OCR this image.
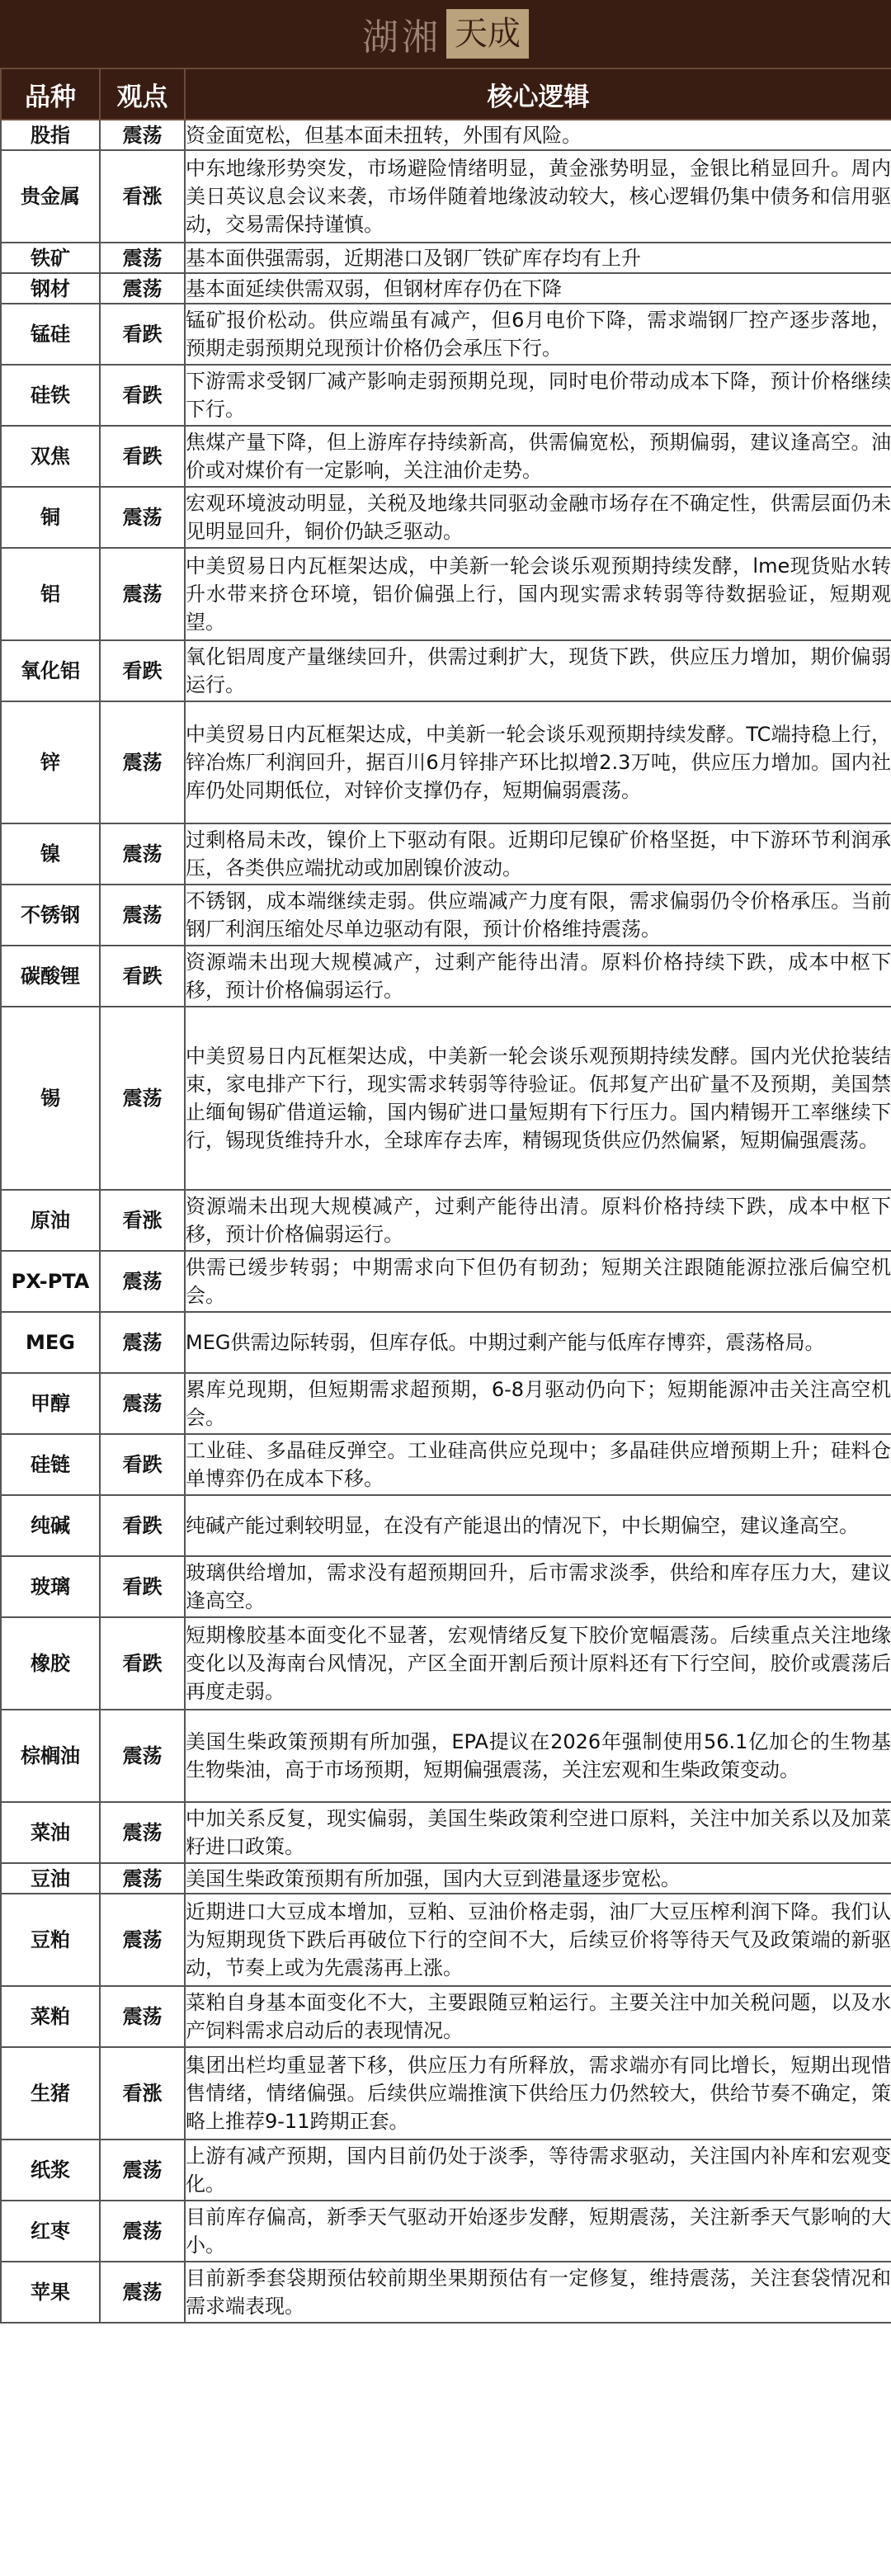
湖湘 天成
品种	观点	核心逻辑
股指	震荡	资金面宽松，但基本面未扭转，外围有风险。
贵金属	看涨	中东地缘形势突发，市场避险情绪明显，黄金涨势明显，金银比稍显回升。周内美日英议息会议来袭，市场伴随着地缘波动较大，核心逻辑仍集中债务和信用驱动，交易需保持谨慎。
铁矿	震荡	基本面供强需弱，近期港口及钢厂铁矿库存均有上升
钢材	震荡	基本面延续供需双弱，但钢材库存仍在下降
锰硅	看跌	锰矿报价松动。供应端虽有减产，但6月电价下降，需求端钢厂控产逐步落地，预期走弱预期兑现预计价格仍会承压下行。
硅铁	看跌	下游需求受钢厂减产影响走弱预期兑现，同时电价带动成本下降，预计价格继续下行。
双焦	看跌	焦煤产量下降，但上游库存持续新高，供需偏宽松，预期偏弱，建议逢高空。油价或对煤价有一定影响，关注油价走势。
铜	震荡	宏观环境波动明显，关税及地缘共同驱动金融市场存在不确定性，供需层面仍未见明显回升，铜价仍缺乏驱动。
铝	震荡	中美贸易日内瓦框架达成，中美新一轮会谈乐观预期持续发酵，lme现货贴水转升水带来挤仓环境，铝价偏强上行，国内现实需求转弱等待数据验证，短期观望。
氧化铝	看跌	氧化铝周度产量继续回升，供需过剩扩大，现货下跌，供应压力增加，期价偏弱运行。
锌	震荡	中美贸易日内瓦框架达成，中美新一轮会谈乐观预期持续发酵。TC端持稳上行，锌冶炼厂利润回升，据百川6月锌排产环比拟增2.3万吨，供应压力增加。国内社库仍处同期低位，对锌价支撑仍存，短期偏弱震荡。
镍	震荡	过剩格局未改，镍价上下驱动有限。近期印尼镍矿价格坚挺，中下游环节利润承压，各类供应端扰动或加剧镍价波动。
不锈钢	震荡	不锈钢，成本端继续走弱。供应端减产力度有限，需求偏弱仍令价格承压。当前钢厂利润压缩处尽单边驱动有限，预计价格维持震荡。
碳酸锂	看跌	资源端未出现大规模减产，过剩产能待出清。原料价格持续下跌，成本中枢下移，预计价格偏弱运行。
锡	震荡	中美贸易日内瓦框架达成，中美新一轮会谈乐观预期持续发酵。国内光伏抢装结束，家电排产下行，现实需求转弱等待验证。佤邦复产出矿量不及预期，美国禁止缅甸锡矿借道运输，国内锡矿进口量短期有下行压力。国内精锡开工率继续下行，锡现货维持升水，全球库存去库，精锡现货供应仍然偏紧，短期偏强震荡。
原油	看涨	资源端未出现大规模减产，过剩产能待出清。原料价格持续下跌，成本中枢下移，预计价格偏弱运行。
PX-PTA	震荡	供需已缓步转弱；中期需求向下但仍有韧劲；短期关注跟随能源拉涨后偏空机会。
MEG	震荡	MEG供需边际转弱，但库存低。中期过剩产能与低库存博弈，震荡格局。
甲醇	震荡	累库兑现期，但短期需求超预期，6-8月驱动仍向下；短期能源冲击关注高空机会。
硅链	看跌	工业硅、多晶硅反弹空。工业硅高供应兑现中；多晶硅供应增预期上升；硅料仓单博弈仍在成本下移。
纯碱	看跌	纯碱产能过剩较明显，在没有产能退出的情况下，中长期偏空，建议逢高空。
玻璃	看跌	玻璃供给增加，需求没有超预期回升，后市需求淡季，供给和库存压力大，建议逢高空。
橡胶	看跌	短期橡胶基本面变化不显著，宏观情绪反复下胶价宽幅震荡。后续重点关注地缘变化以及海南台风情况，产区全面开割后预计原料还有下行空间，胶价或震荡后再度走弱。
棕榈油	震荡	美国生柴政策预期有所加强，EPA提议在2026年强制使用56.1亿加仑的生物基生物柴油，高于市场预期，短期偏强震荡，关注宏观和生柴政策变动。
菜油	震荡	中加关系反复，现实偏弱，美国生柴政策利空进口原料，关注中加关系以及加菜籽进口政策。
豆油	震荡	美国生柴政策预期有所加强，国内大豆到港量逐步宽松。
豆粕	震荡	近期进口大豆成本增加，豆粕、豆油价格走弱，油厂大豆压榨利润下降。我们认为短期现货下跌后再破位下行的空间不大，后续豆价将等待天气及政策端的新驱动，节奏上或为先震荡再上涨。
菜粕	震荡	菜粕自身基本面变化不大，主要跟随豆粕运行。主要关注中加关税问题，以及水产饲料需求启动后的表现情况。
生猪	看涨	集团出栏均重显著下移，供应压力有所释放，需求端亦有同比增长，短期出现惜售情绪，情绪偏强。后续供应端推演下供给压力仍然较大，供给节奏不确定，策略上推荐9-11跨期正套。
纸浆	震荡	上游有减产预期，国内目前仍处于淡季，等待需求驱动，关注国内补库和宏观变化。
红枣	震荡	目前库存偏高，新季天气驱动开始逐步发酵，短期震荡，关注新季天气影响的大小。
苹果	震荡	目前新季套袋期预估较前期坐果期预估有一定修复，维持震荡，关注套袋情况和需求端表现。
